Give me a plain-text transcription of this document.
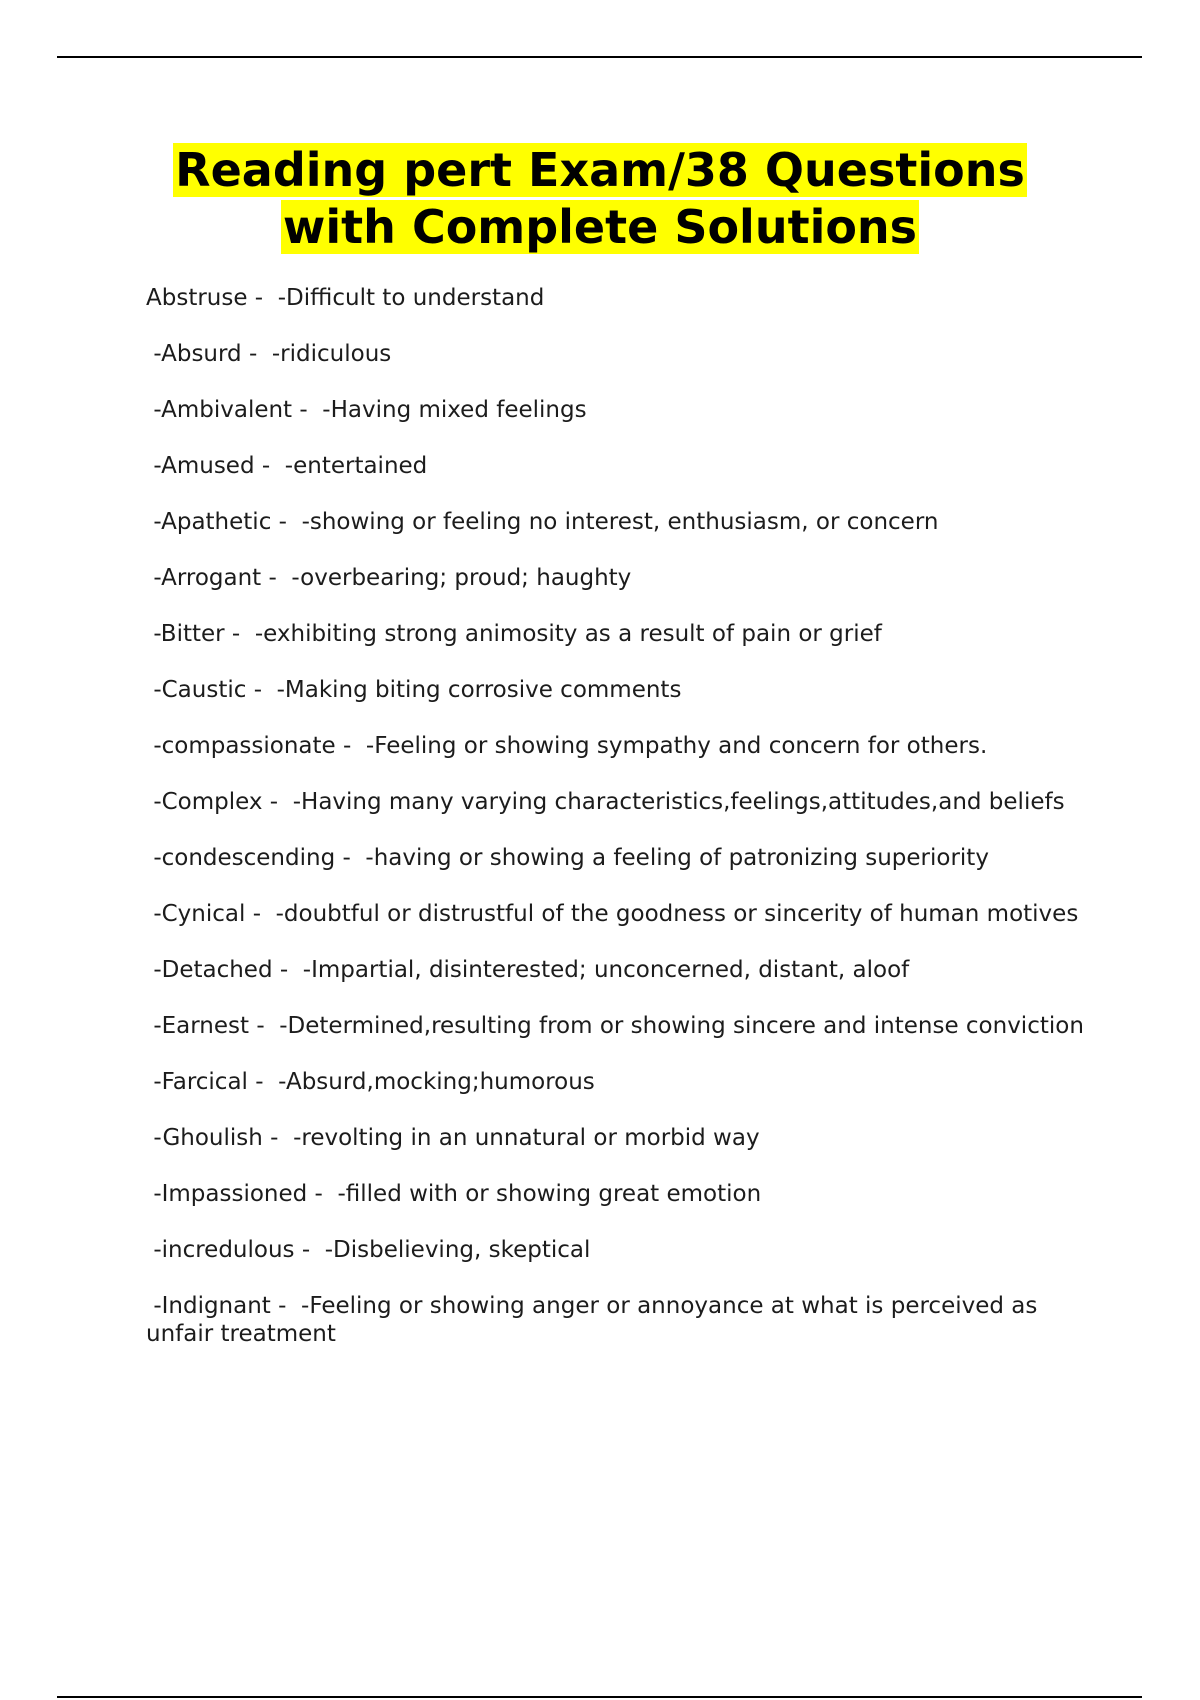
Reading pert Exam/38 Questions
with Complete Solutions
Abstruse -  -Difficult to understand
-Absurd -  -ridiculous
-Ambivalent -  -Having mixed feelings
-Amused -  -entertained
-Apathetic -  -showing or feeling no interest, enthusiasm, or concern
-Arrogant -  -overbearing; proud; haughty
-Bitter -  -exhibiting strong animosity as a result of pain or grief
-Caustic -  -Making biting corrosive comments
-compassionate -  -Feeling or showing sympathy and concern for others.
-Complex -  -Having many varying characteristics,feelings,attitudes,and beliefs
-condescending -  -having or showing a feeling of patronizing superiority
-Cynical -  -doubtful or distrustful of the goodness or sincerity of human motives
-Detached -  -Impartial, disinterested; unconcerned, distant, aloof
-Earnest -  -Determined,resulting from or showing sincere and intense conviction
-Farcical -  -Absurd,mocking;humorous
-Ghoulish -  -revolting in an unnatural or morbid way
-Impassioned -  -filled with or showing great emotion
-incredulous -  -Disbelieving, skeptical
-Indignant -  -Feeling or showing anger or annoyance at what is perceived as unfair treatment
